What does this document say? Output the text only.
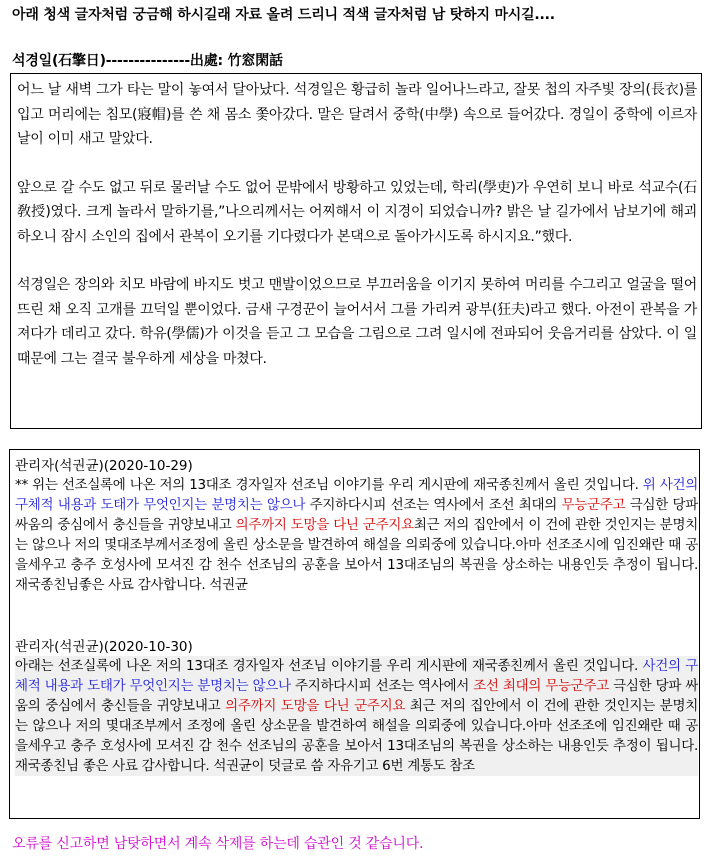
아래 청색 글자처럼 궁금해 하시길래 자료 올려 드리니 적색 글자처럼 남 탓하지 마시길....
석경일(石擎日)---------------出處: 竹窓閑話

어느 날 새벽 그가 타는 말이 놓여서 달아났다. 석경일은 황급히 놀라 일어나느라고, 잘못 첩의 자주빛 장의(長衣)를 입고 머리에는 침모(寢帽)를 쓴 채 몸소 쫓아갔다. 말은 달려서 중학(中學) 속으로 들어갔다. 경일이 중학에 이르자 날이 이미 새고 말았다.

앞으로 갈 수도 없고 뒤로 물러날 수도 없어 문밖에서 방황하고 있었는데, 학리(學吏)가 우연히 보니 바로 석교수(石敎授)였다. 크게 놀라서 말하기를,”나으리께서는 어찌해서 이 지경이 되었습니까? 밝은 날 길가에서 남보기에 해괴하오니 잠시 소인의 집에서 관복이 오기를 기다렸다가 본댁으로 돌아가시도록 하시지요.”했다.

석경일은 장의와 치모 바람에 바지도 벗고 맨발이었으므로 부끄러움을 이기지 못하여 머리를 수그리고 얼굴을 떨어뜨린 채 오직 고개를 끄덕일 뿐이었다. 금새 구경꾼이 늘어서서 그를 가리켜 광부(狂夫)라고 했다. 아전이 관복을 가져다가 데리고 갔다. 학유(學儒)가 이것을 듣고 그 모습을 그림으로 그려 일시에 전파되어 웃음거리를 삼았다. 이 일 때문에 그는 결국 불우하게 세상을 마쳤다.

관리자(석권균)(2020-10-29)
** 위는 선조실록에 나온 저의 13대조 경자일자 선조님 이야기를 우리 게시판에 재국종친께서 올린 것입니다. 위 사건의 구체적 내용과 도태가 무엇인지는 분명치는 않으나 주지하다시피 선조는 역사에서 조선 최대의 무능군주고 극심한 당파 싸움의 중심에서 충신들을 귀양보내고 의주까지 도망을 다닌 군주지요최근 저의 집안에서 이 건에 관한 것인지는 분명치는 않으나 저의 몇대조부께서조정에 올린 상소문을 발견하여 해설을 의뢰중에 있습니다.아마 선조조시에 임진왜란 때 공을세우고 충주 호성사에 모셔진 감 천수 선조님의 공훈을 보아서 13대조님의 복권을 상소하는 내용인듯 추정이 됩니다.재국종친님좋은 사료 감사합니다. 석권균
관리자(석권균)(2020-10-30)
아래는 선조실록에 나온 저의 13대조 경자일자 선조님 이야기를 우리 게시판에 재국종친께서 올린 것입니다. 사건의 구체적 내용과 도태가 무엇인지는 분명치는 않으나 주지하다시피 선조는 역사에서 조선 최대의 무능군주고 극심한 당파 싸움의 중심에서 충신들을 귀양보내고 의주까지 도망을 다닌 군주지요 최근 저의 집안에서 이 건에 관한 것인지는 분명치는 않으나 저의 몇대조부께서 조정에 올린 상소문을 발견하여 해설을 의뢰중에 있습니다.아마 선조조에 임진왜란 때 공을세우고 충주 호성사에 모셔진 감 천수 선조님의 공훈을 보아서 13대조님의 복권을 상소하는 내용인듯 추정이 됩니다. 재국종친님 좋은 사료 감사합니다. 석권균이 덧글로 씀 자유기고 6번 계통도 참조
오류를 신고하면 남탓하면서 계속 삭제를 하는데 습관인 것 같습니다.
